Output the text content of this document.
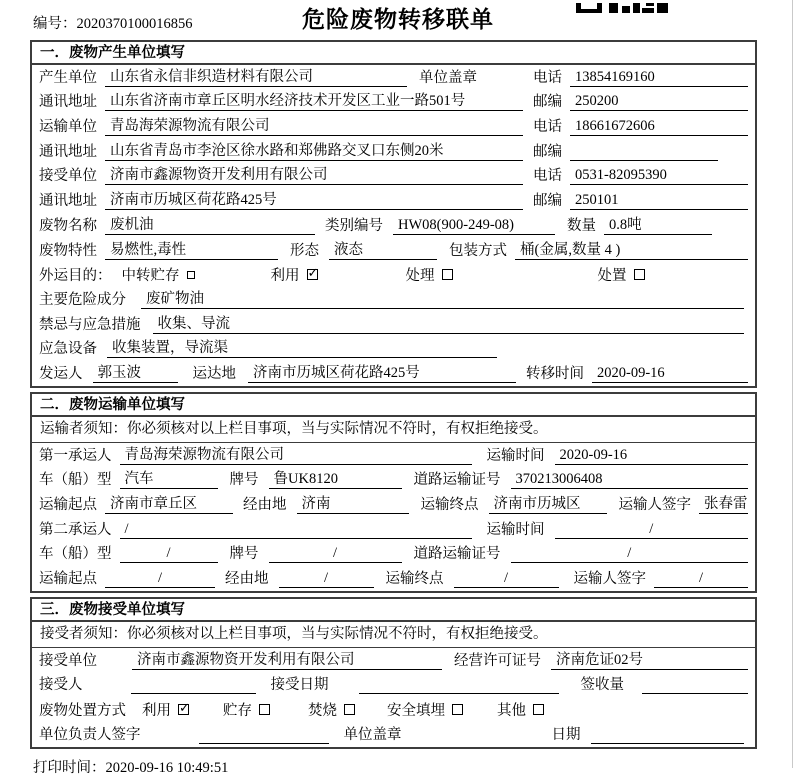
编号：2020370100016856	危险废物转移联单
一．废物产生单位填写
产生单位 山东省永信非织造材料有限公司	单位盖章	电话 13854169160
通讯地址 山东省济南市章丘区明水经济技术开发区工业一路501号	邮编 250200
运输单位 青岛海荣源物流有限公司	电话 18661672606
通讯地址 山东省青岛市李沧区徐水路和郑佛路交叉口东侧20米	邮编
接受单位 济南市鑫源物资开发利用有限公司	电话 0531-82095390
通讯地址 济南市历城区荷花路425号	邮编 250101
废物名称 废机油	类别编号	HW08(900-249-08)	数量 0.8吨
废物特性 易燃性,毒性	形态	液态	包装方式 桶(金属,数量 4 )
外运目的： 中转贮存	利用 ✓	处理	处置
主要危险成分	废矿物油
禁忌与应急措施	收集、导流
应急设备	收集装置，导流渠
发运人	郭玉波	运达地	济南市历城区荷花路425号	转移时间 2020-09-16
二．废物运输单位填写
运输者须知：你必须核对以上栏目事项，当与实际情况不符时，有权拒绝接受。
第一承运人 青岛海荣源物流有限公司	运输时间	2020-09-16
车（船）型 汽车	牌号	鲁UK8120	道路运输证号	370213006408
运输起点 济南市章丘区	经由地	济南	运输终点	济南市历城区	运输人签字 张春雷
第二承运人 /	运输时间	/
车（船）型	/	牌号	/	道路运输证号	/
运输起点	/	经由地	/	运输终点	/	运输人签字	/
三．废物接受单位填写
接受者须知：你必须核对以上栏目事项，当与实际情况不符时，有权拒绝接受。
接受单位	济南市鑫源物资开发利用有限公司	经营许可证号	济南危证02号
接受人	接受日期	签收量
废物处置方式 利用 ✓	贮存	焚烧	安全填埋	其他
单位负责人签字	单位盖章	日期
打印时间：2020-09-16 10:49:51
